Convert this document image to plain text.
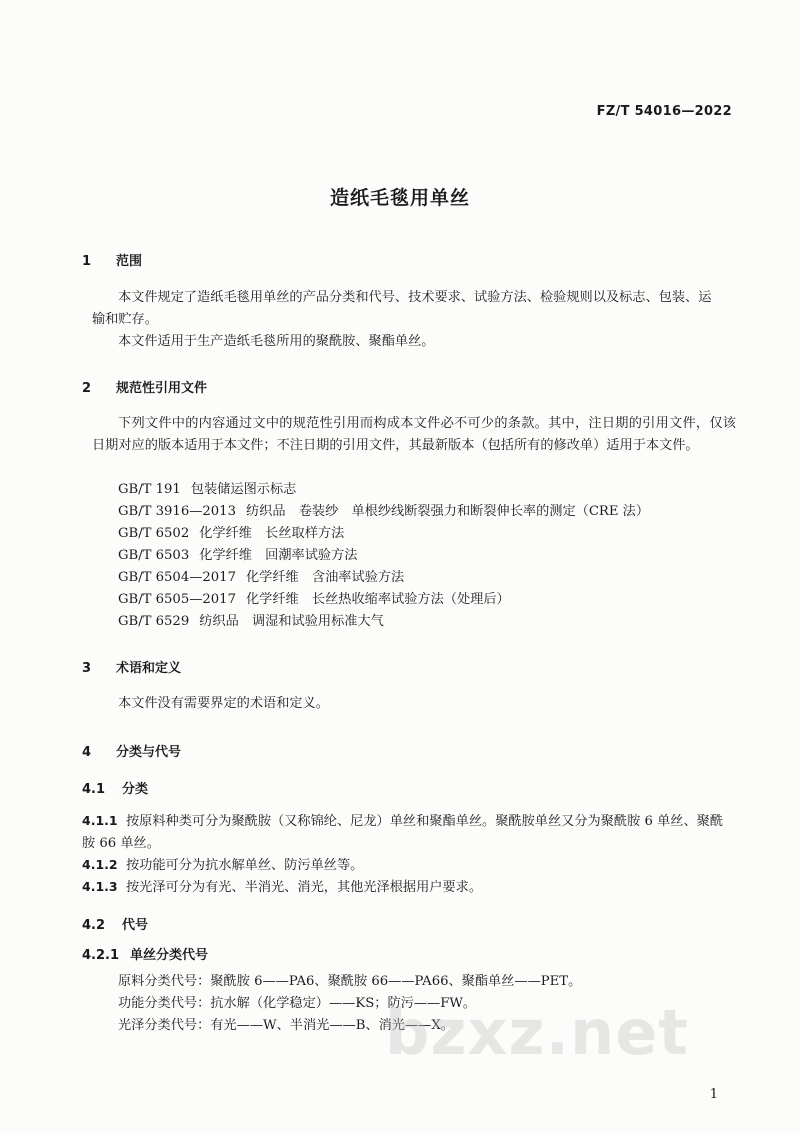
FZ/T 54016—2022
造纸毛毯用单丝
1 范围
本文件规定了造纸毛毯用单丝的产品分类和代号、技术要求、试验方法、检验规则以及标志、包装、运
输和贮存。
本文件适用于生产造纸毛毯所用的聚酰胺、聚酯单丝。
2 规范性引用文件
下列文件中的内容通过文中的规范性引用而构成本文件必不可少的条款。其中，注日期的引用文件，仅该日期对应的版本适用于本文件；不注日期的引用文件，其最新版本（包括所有的修改单）适用于本文件。
GB/T 191 包装储运图示标志
GB/T 3916—2013 纺织品　卷装纱　单根纱线断裂强力和断裂伸长率的测定（CRE 法）
GB/T 6502 化学纤维　长丝取样方法
GB/T 6503 化学纤维　回潮率试验方法
GB/T 6504—2017 化学纤维　含油率试验方法
GB/T 6505—2017 化学纤维　长丝热收缩率试验方法（处理后）
GB/T 6529 纺织品　调湿和试验用标准大气
3 术语和定义
本文件没有需要界定的术语和定义。
4 分类与代号
4.1 分类
4.1.1 按原料种类可分为聚酰胺（又称锦纶、尼龙）单丝和聚酯单丝。聚酰胺单丝又分为聚酰胺 6 单丝、聚酰胺 66 单丝。
4.1.2 按功能可分为抗水解单丝、防污单丝等。
4.1.3 按光泽可分为有光、半消光、消光，其他光泽根据用户要求。
4.2 代号
4.2.1 单丝分类代号
原料分类代号：聚酰胺 6——PA6、聚酰胺 66——PA66、聚酯单丝——PET。
功能分类代号：抗水解（化学稳定）——KS；防污——FW。
光泽分类代号：有光——W、半消光——B、消光——X。
bzxz.net
1
